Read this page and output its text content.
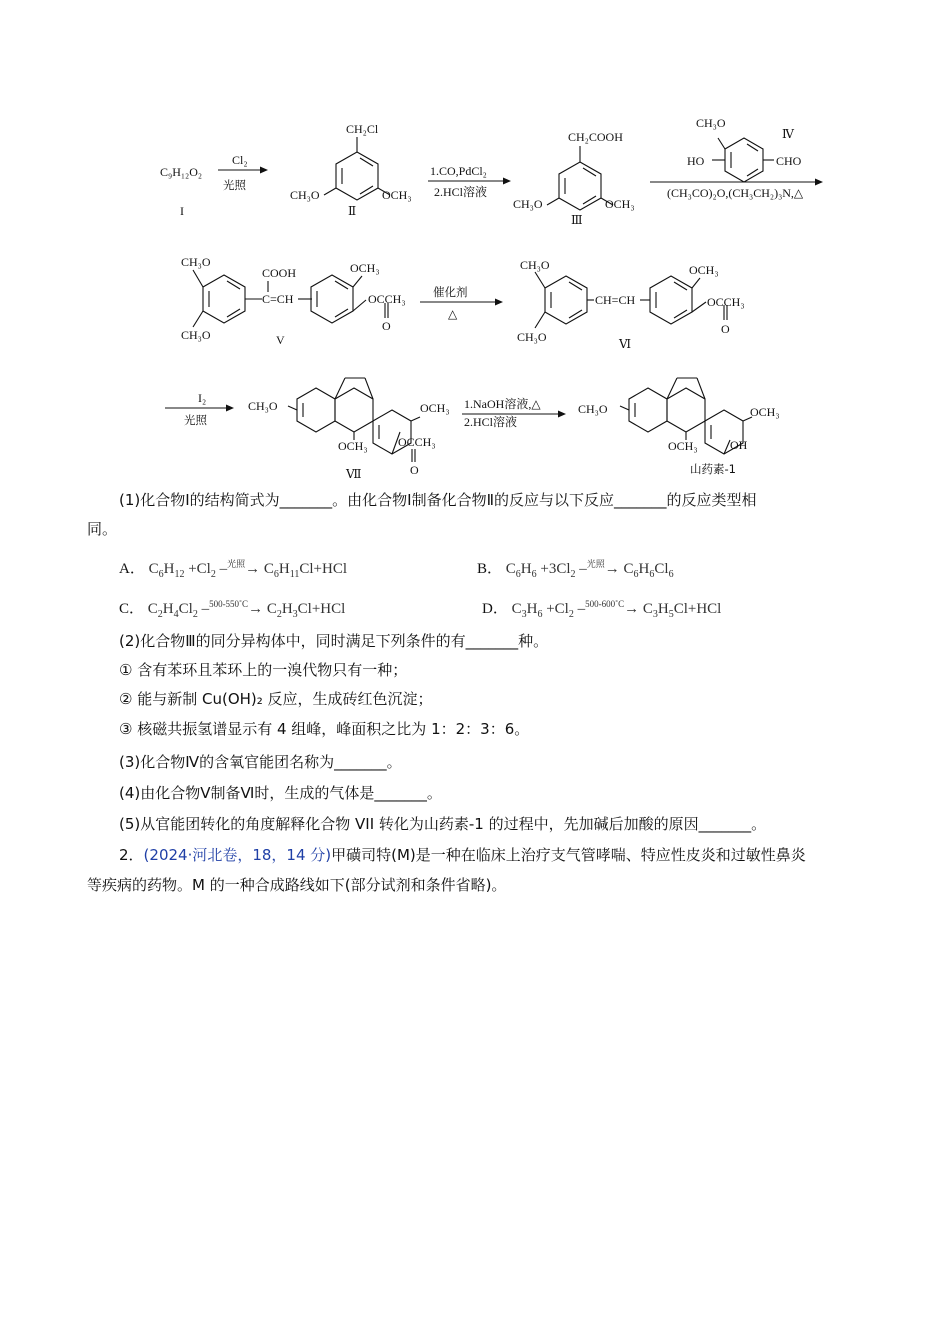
C₉H₁₂O₂
I
Cl₂
光照
CH₂Cl
CH₃O	OCH₃
Ⅱ
1.CO,PdCl₂
2.HCl溶液
CH₂COOH
CH₃O	OCH₃
Ⅲ
CH₃O
HO	CHO
Ⅳ
(CH₃CO)₂O,(CH₃CH₂)₃N,△
CH₃O
CH₃O
COOH
C=CH
OCH₃
OCCH₃
O
V
催化剂
△
CH₃O
CH₃O
CH=CH
OCH₃
OCCH₃
O
Ⅵ
I₂
光照
CH₃O	OCH₃
OCH₃	OCCH₃
O
Ⅶ
1.NaOH溶液,△
2.HCl溶液
CH₃O	OCH₃
OCH₃	OH
山药素-1
(1)化合物Ⅰ的结构简式为_______。由化合物Ⅰ制备化合物Ⅱ的反应与以下反应_______的反应类型相
同。
A． $C_6H_{12} +Cl_2$ $-^{光照}\to C_6H_{11}Cl+HCl$	B． $C_6H_6 +3Cl_2$ $-^{光照}\to C_6H_6Cl_6$
C． $C_2H_4Cl_2$ $-^{500-550˚C}\to C_2H_3Cl+HCl$	D． $C_3H_6 +Cl_2$ $-^{500-600˚C}\to C_3H_5Cl+HCl$
(2)化合物Ⅲ的同分异构体中，同时满足下列条件的有_______种。
① 含有苯环且苯环上的一溴代物只有一种；
② 能与新制 Cu(OH)₂ 反应，生成砖红色沉淀；
③ 核磁共振氢谱显示有 4 组峰，峰面积之比为 1：2：3：6。
(3)化合物Ⅳ的含氧官能团名称为_______。
(4)由化合物Ⅴ制备Ⅵ时，生成的气体是_______。
(5)从官能团转化的角度解释化合物 VII 转化为山药素-1 的过程中，先加碱后加酸的原因_______。
2．(2024·河北卷，18，14 分)甲磺司特(M)是一种在临床上治疗支气管哮喘、特应性皮炎和过敏性鼻炎
等疾病的药物。M 的一种合成路线如下(部分试剂和条件省略)。
